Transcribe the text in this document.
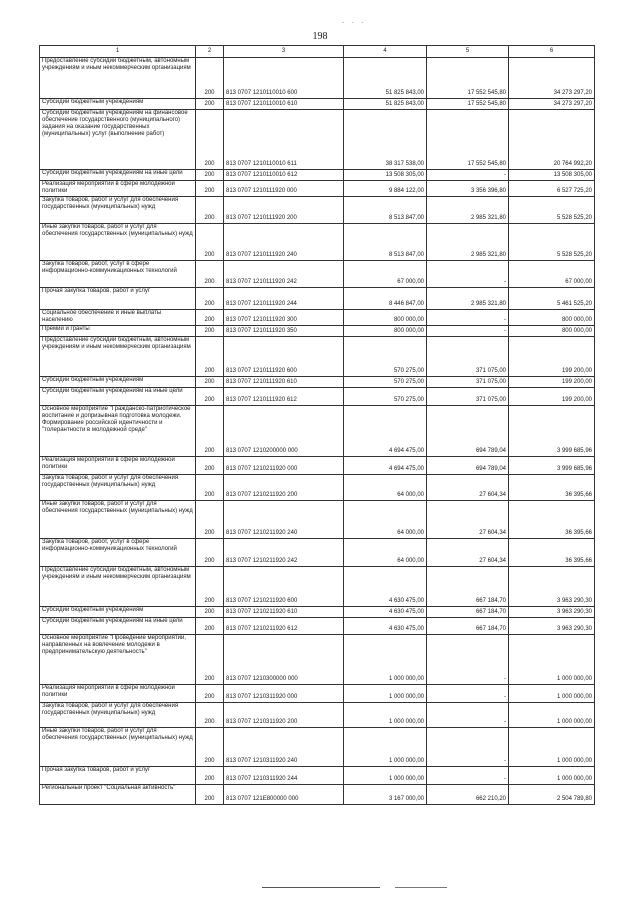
198
- - -
1	2	3	4	5	6
Предоставление субсидий бюджетным, автономным учреждениям и иным некоммерческим организациям	200	813 0707 1210110010 600	51 825 843,00	17 552 545,80	34 273 297,20
Субсидии бюджетным учреждениям	200	813 0707 1210110010 610	51 825 843,00	17 552 545,80	34 273 297,20
Субсидии бюджетным учреждениям на финансовое обеспечение государственного (муниципального) задания на оказание государственных (муниципальных) услуг (выполнение работ)	200	813 0707 1210110010 611	38 317 538,00	17 552 545,80	20 764 992,20
Субсидии бюджетным учреждениям на иные цели	200	813 0707 1210110010 612	13 508 305,00	-	13 508 305,00
Реализация мероприятий в сфере молодежной политики	200	813 0707 1210111920 000	9 884 122,00	3 356 396,80	6 527 725,20
Закупка товаров, работ и услуг для обеспечения государственных (муниципальных) нужд	200	813 0707 1210111920 200	8 513 847,00	2 985 321,80	5 528 525,20
Иные закупки товаров, работ и услуг для обеспечения государственных (муниципальных) нужд	200	813 0707 1210111920 240	8 513 847,00	2 985 321,80	5 528 525,20
Закупка товаров, работ, услуг в сфере информационно-коммуникационных технологий	200	813 0707 1210111920 242	67 000,00	-	67 000,00
Прочая закупка товаров, работ и услуг	200	813 0707 1210111920 244	8 446 847,00	2 985 321,80	5 461 525,20
Социальное обеспечение и иные выплаты населению	200	813 0707 1210111920 300	800 000,00	-	800 000,00
Премии и гранты	200	813 0707 1210111920 350	800 000,00	-	800 000,00
Предоставление субсидий бюджетным, автономным учреждениям и иным некоммерческим организациям	200	813 0707 1210111920 600	570 275,00	371 075,00	199 200,00
Субсидии бюджетным учреждениям	200	813 0707 1210111920 610	570 275,00	371 075,00	199 200,00
Субсидии бюджетным учреждениям на иные цели	200	813 0707 1210111920 612	570 275,00	371 075,00	199 200,00
Основное мероприятие "Гражданско-патриотическое воспитание и допризывная подготовка молодежи. Формирование российской идентичности и "толерантности в молодежной среде"	200	813 0707 1210200000 000	4 694 475,00	694 789,04	3 999 685,96
Реализация мероприятий в сфере молодежной политики	200	813 0707 1210211920 000	4 694 475,00	694 789,04	3 999 685,96
Закупка товаров, работ и услуг для обеспечения государственных (муниципальных) нужд	200	813 0707 1210211920 200	64 000,00	27 604,34	36 395,66
Иные закупки товаров, работ и услуг для обеспечения государственных (муниципальных) нужд	200	813 0707 1210211920 240	64 000,00	27 604,34	36 395,66
Закупка товаров, работ, услуг в сфере информационно-коммуникационных технологий	200	813 0707 1210211920 242	64 000,00	27 604,34	36 395,66
Предоставление субсидий бюджетным, автономным учреждениям и иным некоммерческим организациям	200	813 0707 1210211920 600	4 630 475,00	667 184,70	3 963 290,30
Субсидии бюджетным учреждениям	200	813 0707 1210211920 610	4 630 475,00	667 184,70	3 963 290,30
Субсидии бюджетным учреждениям на иные цели	200	813 0707 1210211920 612	4 630 475,00	667 184,70	3 963 290,30
Основное мероприятие "Проведение мероприятий, направленных на вовлечение молодежи в предпринимательскую деятельность"	200	813 0707 1210300000 000	1 000 000,00	-	1 000 000,00
Реализация мероприятий в сфере молодежной политики	200	813 0707 1210311920 000	1 000 000,00	-	1 000 000,00
Закупка товаров, работ и услуг для обеспечения государственных (муниципальных) нужд	200	813 0707 1210311920 200	1 000 000,00	-	1 000 000,00
Иные закупки товаров, работ и услуг для обеспечения государственных (муниципальных) нужд	200	813 0707 1210311920 240	1 000 000,00	-	1 000 000,00
Прочая закупка товаров, работ и услуг	200	813 0707 1210311920 244	1 000 000,00	-	1 000 000,00
Региональный проект "Социальная активность"	200	813 0707 121E800000 000	3 167 000,00	662 210,20	2 504 789,80
